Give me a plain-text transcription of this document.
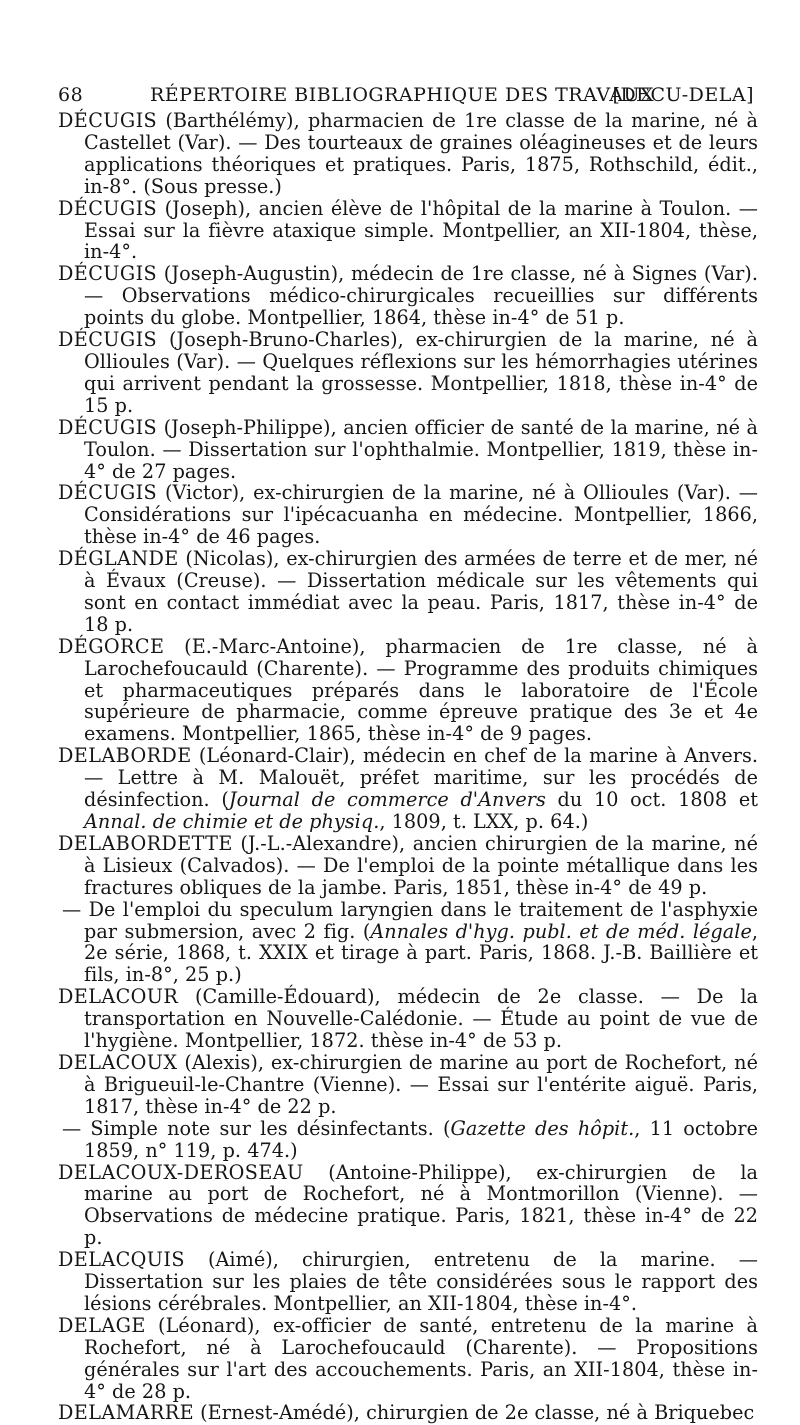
68	RÉPERTOIRE BIBLIOGRAPHIQUE DES TRAVAUX
[DECU-DELA]

DÉCUGIS (Barthélémy), pharmacien de 1re classe de la marine, né à Castellet (Var). — Des tourteaux de graines oléagineuses et de leurs applications théoriques et pratiques. Paris, 1875, Rothschild, édit., in-8°. (Sous presse.)

DÉCUGIS (Joseph), ancien élève de l'hôpital de la marine à Toulon. — Essai sur la fièvre ataxique simple. Montpellier, an XII-1804, thèse, in-4°.

DÉCUGIS (Joseph-Augustin), médecin de 1re classe, né à Signes (Var). — Observations médico-chirurgicales recueillies sur différents points du globe. Montpellier, 1864, thèse in-4° de 51 p.

DÉCUGIS (Joseph-Bruno-Charles), ex-chirurgien de la marine, né à Ollioules (Var). — Quelques réflexions sur les hémorrhagies utérines qui arrivent pendant la grossesse. Montpellier, 1818, thèse in-4° de 15 p.

DÉCUGIS (Joseph-Philippe), ancien officier de santé de la marine, né à Toulon. — Dissertation sur l'ophthalmie. Montpellier, 1819, thèse in-4° de 27 pages.

DÉCUGIS (Victor), ex-chirurgien de la marine, né à Ollioules (Var). — Considérations sur l'ipécacuanha en médecine. Montpellier, 1866, thèse in-4° de 46 pages.

DÉGLANDE (Nicolas), ex-chirurgien des armées de terre et de mer, né à Évaux (Creuse). — Dissertation médicale sur les vêtements qui sont en contact immédiat avec la peau. Paris, 1817, thèse in-4° de 18 p.

DÉGORCE (E.-Marc-Antoine), pharmacien de 1re classe, né à Larochefoucauld (Charente). — Programme des produits chimiques et pharmaceutiques préparés dans le laboratoire de l'École supérieure de pharmacie, comme épreuve pratique des 3e et 4e examens. Montpellier, 1865, thèse in-4° de 9 pages.

DELABORDE (Léonard-Clair), médecin en chef de la marine à Anvers. — Lettre à M. Malouët, préfet maritime, sur les procédés de désinfection. (Journal de commerce d'Anvers du 10 oct. 1808 et Annal. de chimie et de physiq., 1809, t. LXX, p. 64.)

DELABORDETTE (J.-L.-Alexandre), ancien chirurgien de la marine, né à Lisieux (Calvados). — De l'emploi de la pointe métallique dans les fractures obliques de la jambe. Paris, 1851, thèse in-4° de 49 p.

— De l'emploi du speculum laryngien dans le traitement de l'asphyxie par submersion, avec 2 fig. (Annales d'hyg. publ. et de méd. légale, 2e série, 1868, t. XXIX et tirage à part. Paris, 1868. J.-B. Baillière et fils, in-8°, 25 p.)

DELACOUR (Camille-Édouard), médecin de 2e classe. — De la transportation en Nouvelle-Calédonie. — Étude au point de vue de l'hygiène. Montpellier, 1872. thèse in-4° de 53 p.

DELACOUX (Alexis), ex-chirurgien de marine au port de Rochefort, né à Brigueuil-le-Chantre (Vienne). — Essai sur l'entérite aiguë. Paris, 1817, thèse in-4° de 22 p.

— Simple note sur les désinfectants. (Gazette des hôpit., 11 octobre 1859, n° 119, p. 474.)

DELACOUX-DEROSEAU (Antoine-Philippe), ex-chirurgien de la marine au port de Rochefort, né à Montmorillon (Vienne). — Observations de médecine pratique. Paris, 1821, thèse in-4° de 22 p.

DELACQUIS (Aimé), chirurgien, entretenu de la marine. — Dissertation sur les plaies de tête considérées sous le rapport des lésions cérébrales. Montpellier, an XII-1804, thèse in-4°.

DELAGE (Léonard), ex-officier de santé, entretenu de la marine à Rochefort, né à Larochefoucauld (Charente). — Propositions générales sur l'art des accouchements. Paris, an XII-1804, thèse in-4° de 28 p.

DELAMARRE (Ernest-Amédé), chirurgien de 2e classe, né à Briquebec
